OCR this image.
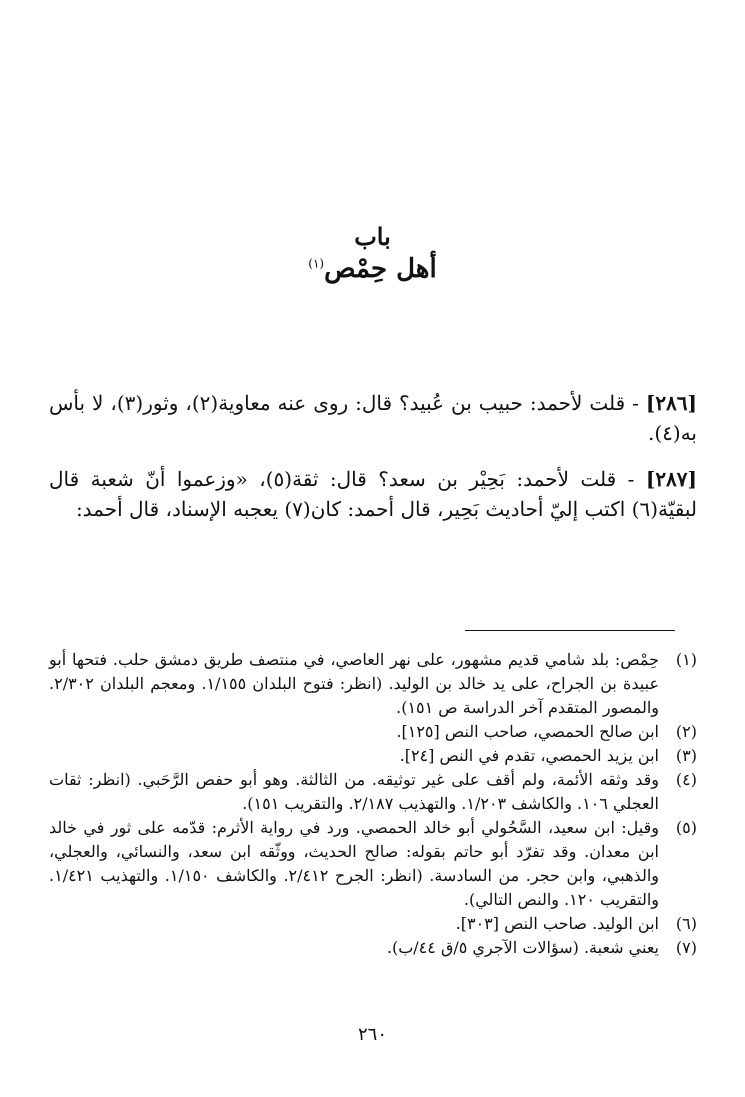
باب
أهل حِمْص$^{(١)}$

[٢٨٦] - قلت لأحمد: حبيب بن عُبيد؟ قال: روى عنه معاوية(٢)، وثور(٣)، لا بأس به(٤).

[٢٨٧] - قلت لأحمد: بَحِيْر بن سعد؟ قال: ثقة(٥)، «وزعموا أنّ شعبة قال لبقيّة(٦) اكتب إليّ أحاديث بَحِير، قال أحمد: كان(٧) يعجبه الإسناد، قال أحمد:

(١)
حِمْص: بلد شامي قديم مشهور، على نهر العاصي، في منتصف طريق دمشق حلب. فتحها أبو عبيدة بن الجراح، على يد خالد بن الوليد. (انظر: فتوح البلدان ١/١٥٥. ومعجم البلدان ٢/٣٠٢. والمصور المتقدم آخر الدراسة ص ١٥١).
(٢)
ابن صالح الحمصي، صاحب النص [١٢٥].
(٣)
ابن يزيد الحمصي، تقدم في النص [٢٤].
(٤)
وقد وثقه الأئمة، ولم أقف على غير توثيقه. من الثالثة. وهو أبو حفص الرَّحَبي. (انظر: ثقات العجلي ١٠٦. والكاشف ١/٢٠٣. والتهذيب ٢/١٨٧. والتقريب ١٥١).
(٥)
وقيل: ابن سعيد، السَّحُولي أبو خالد الحمصي. ورد في رواية الأثرم: قدّمه على ثور في خالد ابن معدان. وقد تفرّد أبو حاتم بقوله: صالح الحديث، ووثّقه ابن سعد، والنسائي، والعجلي، والذهبي، وابن حجر. من السادسة. (انظر: الجرح ٢/٤١٢. والكاشف ١/١٥٠. والتهذيب ١/٤٢١. والتقريب ١٢٠. والنص التالي).
(٦)
ابن الوليد. صاحب النص [٣٠٣].
(٧)
يعني شعبة. (سؤالات الآجري ٥/ق ٤٤/ب).
٢٦٠
